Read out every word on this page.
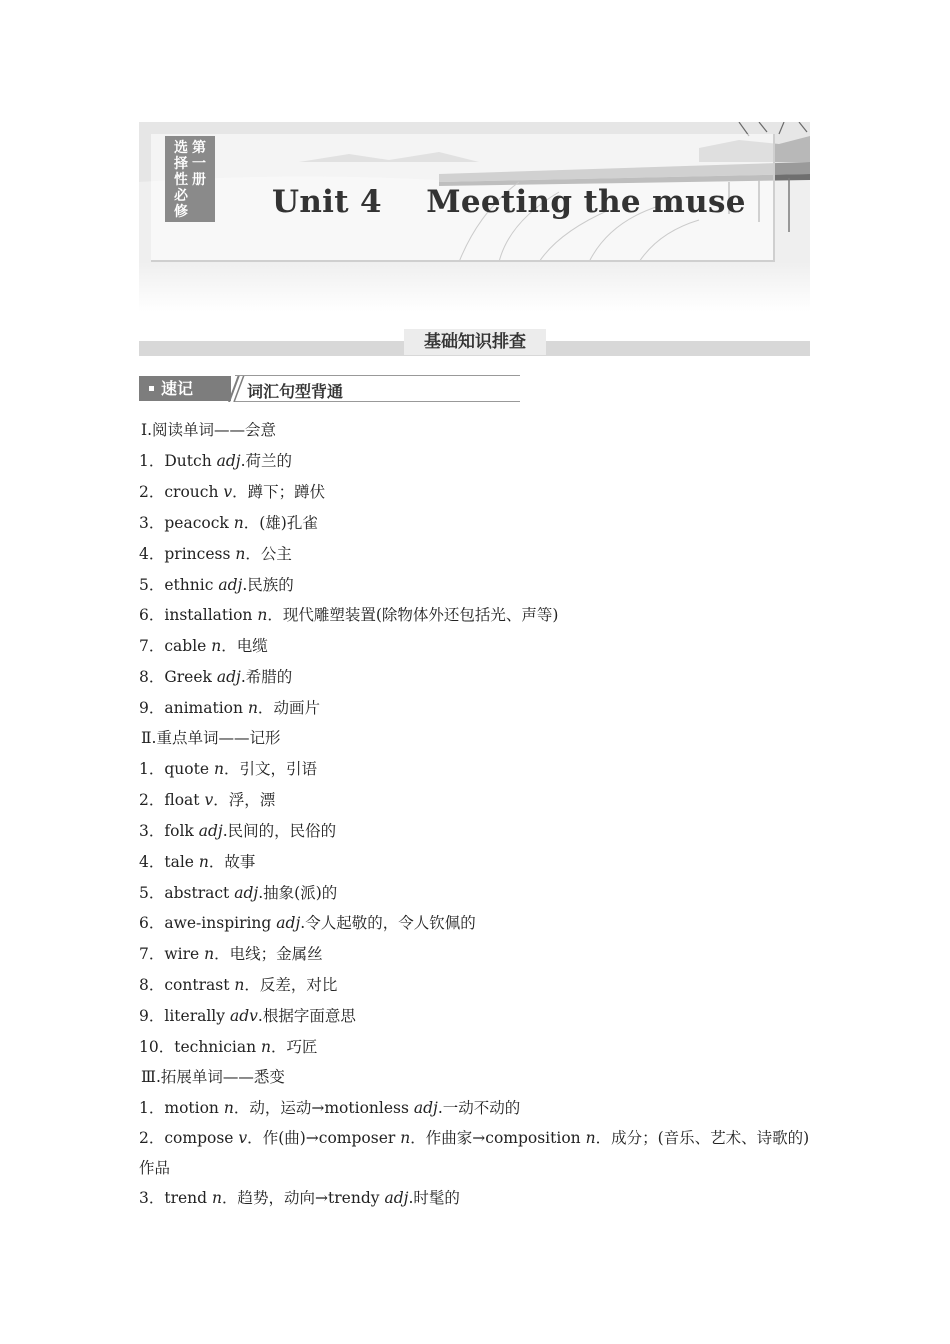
选
择
性
必
修
第
一
册
Unit 4    Meeting the muse
基础知识排查
速记	词汇句型背通
Ⅰ.阅读单词——会意
1．Dutch adj.荷兰的
2．crouch v．蹲下；蹲伏
3．peacock n．(雄)孔雀
4．princess n．公主
5．ethnic adj.民族的
6．installation n．现代雕塑装置(除物体外还包括光、声等)
7．cable n．电缆
8．Greek adj.希腊的
9．animation n．动画片
Ⅱ.重点单词——记形
1．quote n．引文，引语
2．float v．浮，漂
3．folk adj.民间的，民俗的
4．tale n．故事
5．abstract adj.抽象(派)的
6．awe-inspiring adj.令人起敬的，令人钦佩的
7．wire n．电线；金属丝
8．contrast n．反差，对比
9．literally adv.根据字面意思
10．technician n．巧匠
Ⅲ.拓展单词——悉变
1．motion n．动，运动→motionless adj.一动不动的
2．compose v．作(曲)→composer n．作曲家→composition n．成分；(音乐、艺术、诗歌的)作品
3．trend n．趋势，动向→trendy adj.时髦的
